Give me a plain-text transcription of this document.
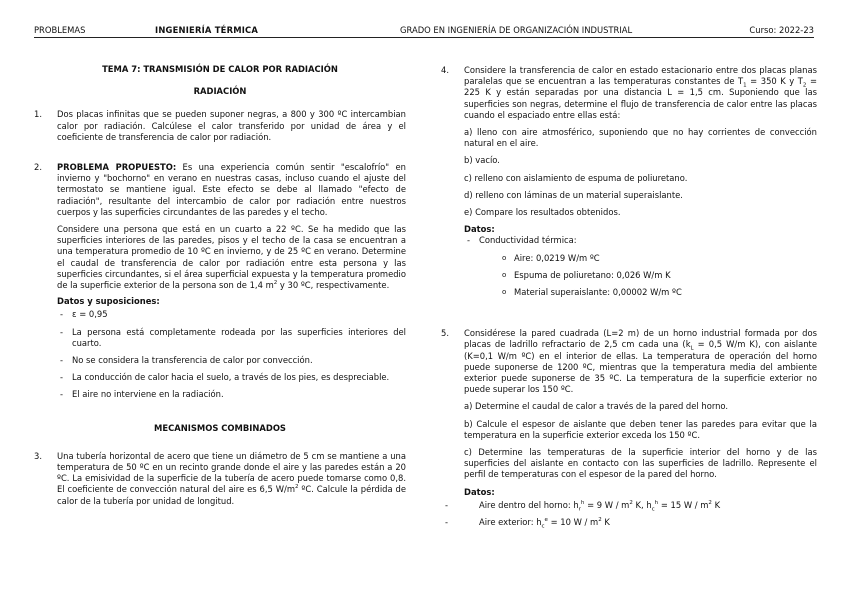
PROBLEMAS	INGENIERÍA TÉRMICA	GRADO EN INGENIERÍA DE ORGANIZACIÓN INDUSTRIAL	Curso: 2022-23

TEMA 7: TRANSMISIÓN DE CALOR POR RADIACIÓN

RADIACIÓN

1. Dos placas infinitas que se pueden suponer negras, a 800 y 300 ºC intercambian calor por radiación. Calcúlese el calor transferido por unidad de área y el coeficiente de transferencia de calor por radiación.

2. PROBLEMA PROPUESTO: Es una experiencia común sentir "escalofrío" en invierno y "bochorno" en verano en nuestras casas, incluso cuando el ajuste del termostato se mantiene igual. Este efecto se debe al llamado "efecto de radiación", resultante del intercambio de calor por radiación entre nuestros cuerpos y las superficies circundantes de las paredes y el techo.

Considere una persona que está en un cuarto a 22 ºC. Se ha medido que las superficies interiores de las paredes, pisos y el techo de la casa se encuentran a una temperatura promedio de 10 ºC en invierno, y de 25 ºC en verano. Determine el caudal de transferencia de calor por radiación entre esta persona y las superficies circundantes, si el área superficial expuesta y la temperatura promedio de la superficie exterior de la persona son de 1,4 $m^2$ y 30 ºC, respectivamente.

Datos y suposiciones:

- ε = 0,95
- La persona está completamente rodeada por las superficies interiores del cuarto.
- No se considera la transferencia de calor por convección.
- La conducción de calor hacia el suelo, a través de los pies, es despreciable.
- El aire no interviene en la radiación.

MECANISMOS COMBINADOS

3. Una tubería horizontal de acero que tiene un diámetro de 5 cm se mantiene a una temperatura de 50 ºC en un recinto grande donde el aire y las paredes están a 20 ºC. La emisividad de la superficie de la tubería de acero puede tomarse como 0,8. El coeficiente de convección natural del aire es 6,5 $W/m^2$ ºC. Calcule la pérdida de calor de la tubería por unidad de longitud.

4. Considere la transferencia de calor en estado estacionario entre dos placas planas paralelas que se encuentran a las temperaturas constantes de $T_1 = 350$ K y $T_2 = 225$ K y están separadas por una distancia L = 1,5 cm. Suponiendo que las superficies son negras, determine el flujo de transferencia de calor entre las placas cuando el espaciado entre ellas está:

a) lleno con aire atmosférico, suponiendo que no hay corrientes de convección natural en el aire.

b) vacío.

c) relleno con aislamiento de espuma de poliuretano.

d) relleno con láminas de un material superaislante.

e) Compare los resultados obtenidos.

Datos:

- Conductividad térmica:
o Aire: 0,0219 W/m ºC
o Espuma de poliuretano: 0,026 W/m K
o Material superaislante: 0,00002 W/m ºC
5. Considérese la pared cuadrada (L=2 m) de un horno industrial formada por dos placas de ladrillo refractario de 2,5 cm cada una ($k_L = 0,5$ W/m K), con aislante (K=0,1 W/m ºC) en el interior de ellas. La temperatura de operación del horno puede suponerse de 1200 ºC, mientras que la temperatura media del ambiente exterior puede suponerse de 35 ºC. La temperatura de la superficie exterior no puede superar los 150 ºC.

a) Determine el caudal de calor a través de la pared del horno.

b) Calcule el espesor de aislante que deben tener las paredes para evitar que la temperatura en la superficie exterior exceda los 150 ºC.

c) Determine las temperaturas de la superficie interior del horno y de las superficies del aislante en contacto con las superficies de ladrillo. Represente el perfil de temperaturas con el espesor de la pared del horno.

Datos:

- Aire dentro del horno: $h_r^h = 9$ W / $m^2$ K, $h_c^h = 15$ W / $m^2$ K
- Aire exterior: $h_c^e = 10$ W / $m^2$ K
